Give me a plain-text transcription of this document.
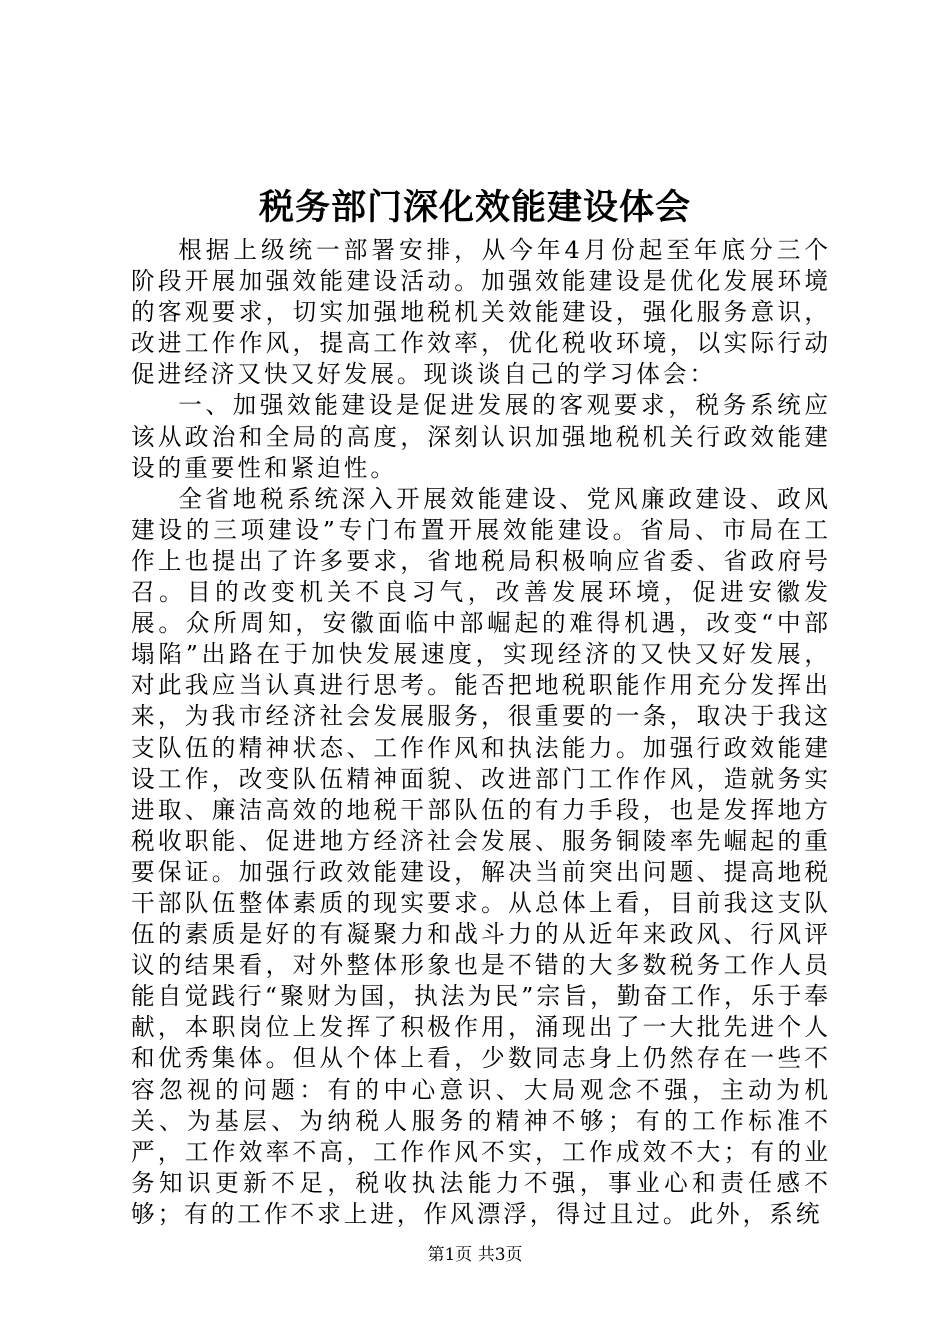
税务部门深化效能建设体会

根据上级统一部署安排，从今年4月份起至年底分三个阶段开展加强效能建设活动。加强效能建设是优化发展环境的客观要求，切实加强地税机关效能建设，强化服务意识，改进工作作风，提高工作效率，优化税收环境，以实际行动促进经济又快又好发展。现谈谈自己的学习体会：

一、加强效能建设是促进发展的客观要求，税务系统应该从政治和全局的高度，深刻认识加强地税机关行政效能建设的重要性和紧迫性。

全省地税系统深入开展效能建设、党风廉政建设、政风建设的三项建设”专门布置开展效能建设。省局、市局在工作上也提出了许多要求，省地税局积极响应省委、省政府号召。目的改变机关不良习气，改善发展环境，促进安徽发展。众所周知，安徽面临中部崛起的难得机遇，改变“中部塌陷”出路在于加快发展速度，实现经济的又快又好发展，对此我应当认真进行思考。能否把地税职能作用充分发挥出来，为我市经济社会发展服务，很重要的一条，取决于我这支队伍的精神状态、工作作风和执法能力。加强行政效能建设工作，改变队伍精神面貌、改进部门工作作风，造就务实进取、廉洁高效的地税干部队伍的有力手段，也是发挥地方税收职能、促进地方经济社会发展、服务铜陵率先崛起的重要保证。加强行政效能建设，解决当前突出问题、提高地税干部队伍整体素质的现实要求。从总体上看，目前我这支队伍的素质是好的有凝聚力和战斗力的从近年来政风、行风评议的结果看，对外整体形象也是不错的大多数税务工作人员能自觉践行“聚财为国，执法为民”宗旨，勤奋工作，乐于奉献，本职岗位上发挥了积极作用，涌现出了一大批先进个人和优秀集体。但从个体上看，少数同志身上仍然存在一些不容忽视的问题：有的中心意识、大局观念不强，主动为机关、为基层、为纳税人服务的精神不够；有的工作标准不严，工作效率不高，工作作风不实，工作成效不大；有的业务知识更新不足，税收执法能力不强，事业心和责任感不够；有的工作不求上进，作风漂浮，得过且过。此外，系统

第1页 共3页
